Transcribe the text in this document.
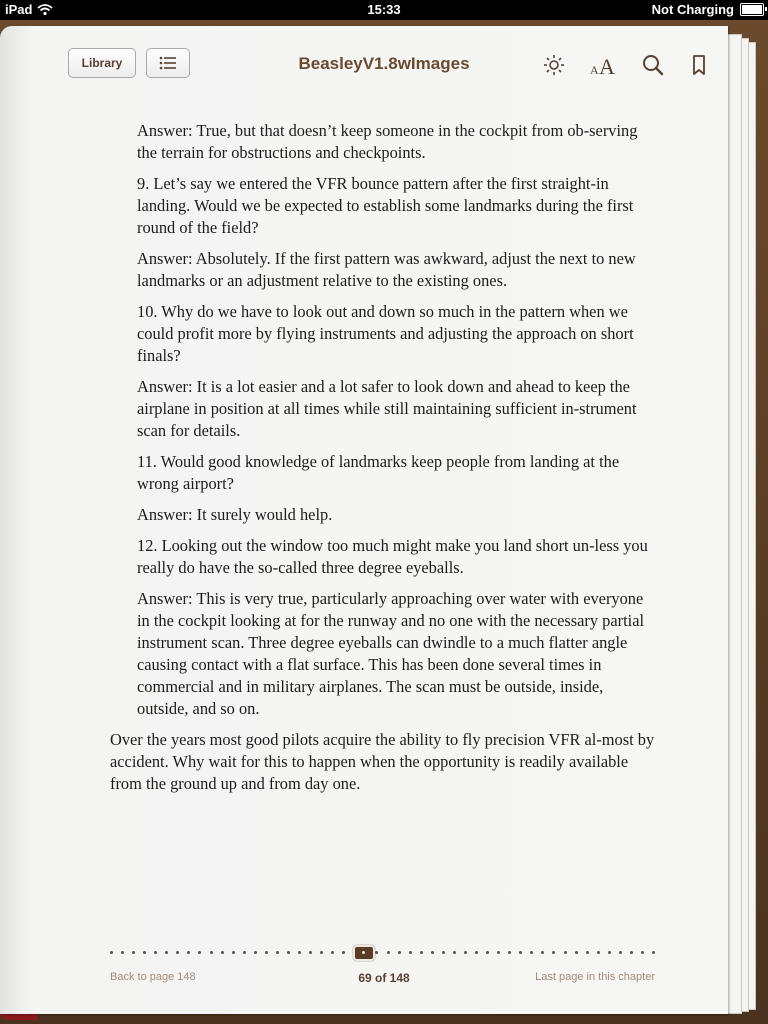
iPad	15:33	Not Charging
Library	BeasleyV1.8wImages	A A

Answer: True, but that doesn’t keep someone in the cockpit from ob-serving the terrain for obstructions and checkpoints.

9. Let’s say we entered the VFR bounce pattern after the first straight-in landing. Would we be expected to establish some landmarks during the first round of the field?

Answer: Absolutely. If the first pattern was awkward, adjust the next to new landmarks or an adjustment relative to the existing ones.

10. Why do we have to look out and down so much in the pattern when we could profit more by flying instruments and adjusting the approach on short finals?

Answer: It is a lot easier and a lot safer to look down and ahead to keep the airplane in position at all times while still maintaining sufficient in-strument scan for details.

11. Would good knowledge of landmarks keep people from landing at the wrong airport?

Answer: It surely would help.

12. Looking out the window too much might make you land short un-less you really do have the so-called three degree eyeballs.

Answer: This is very true, particularly approaching over water with everyone in the cockpit looking at for the runway and no one with the necessary partial instrument scan. Three degree eyeballs can dwindle to a much flatter angle causing contact with a flat surface. This has been done several times in commercial and in military airplanes. The scan must be outside, inside, outside, and so on.

Over the years most good pilots acquire the ability to fly precision VFR al-most by accident. Why wait for this to happen when the opportunity is readily available from the ground up and from day one.

Back to page 148	69 of 148	Last page in this chapter
